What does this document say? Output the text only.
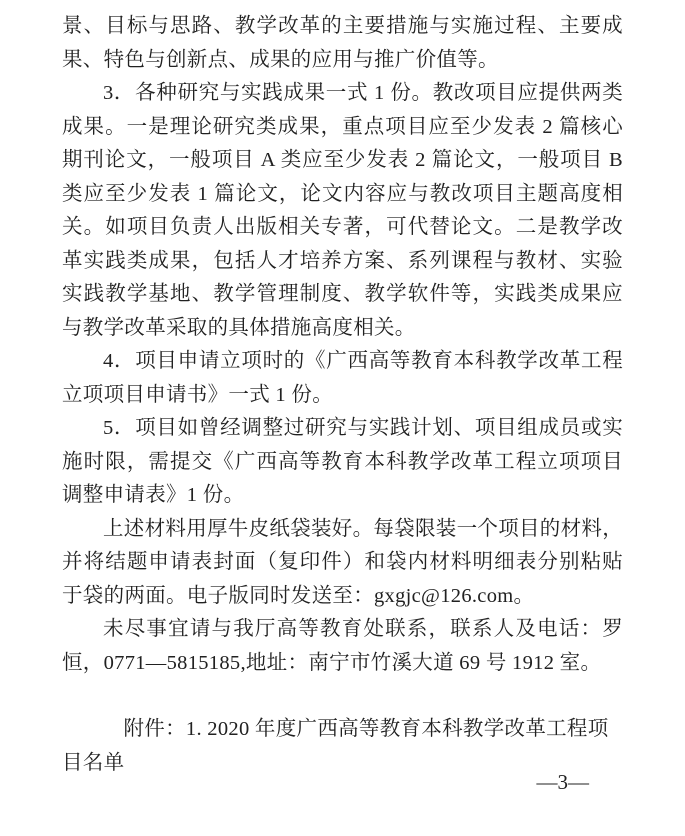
景、目标与思路、教学改革的主要措施与实施过程、主要成果、特色与创新点、成果的应用与推广价值等。

3．各种研究与实践成果一式 1 份。教改项目应提供两类成果。一是理论研究类成果，重点项目应至少发表 2 篇核心期刊论文，一般项目 A 类应至少发表 2 篇论文，一般项目 B 类应至少发表 1 篇论文，论文内容应与教改项目主题高度相关。如项目负责人出版相关专著，可代替论文。二是教学改革实践类成果，包括人才培养方案、系列课程与教材、实验实践教学基地、教学管理制度、教学软件等，实践类成果应与教学改革采取的具体措施高度相关。

4．项目申请立项时的《广西高等教育本科教学改革工程立项项目申请书》一式 1 份。

5．项目如曾经调整过研究与实践计划、项目组成员或实施时限，需提交《广西高等教育本科教学改革工程立项项目调整申请表》1 份。

上述材料用厚牛皮纸袋装好。每袋限装一个项目的材料，并将结题申请表封面（复印件）和袋内材料明细表分别粘贴于袋的两面。电子版同时发送至：gxgjc@126.com。

未尽事宜请与我厅高等教育处联系，联系人及电话：罗恒，0771—5815185,地址：南宁市竹溪大道 69 号 1912 室。

附件：1. 2020 年度广西高等教育本科教学改革工程项目名单

—3—
